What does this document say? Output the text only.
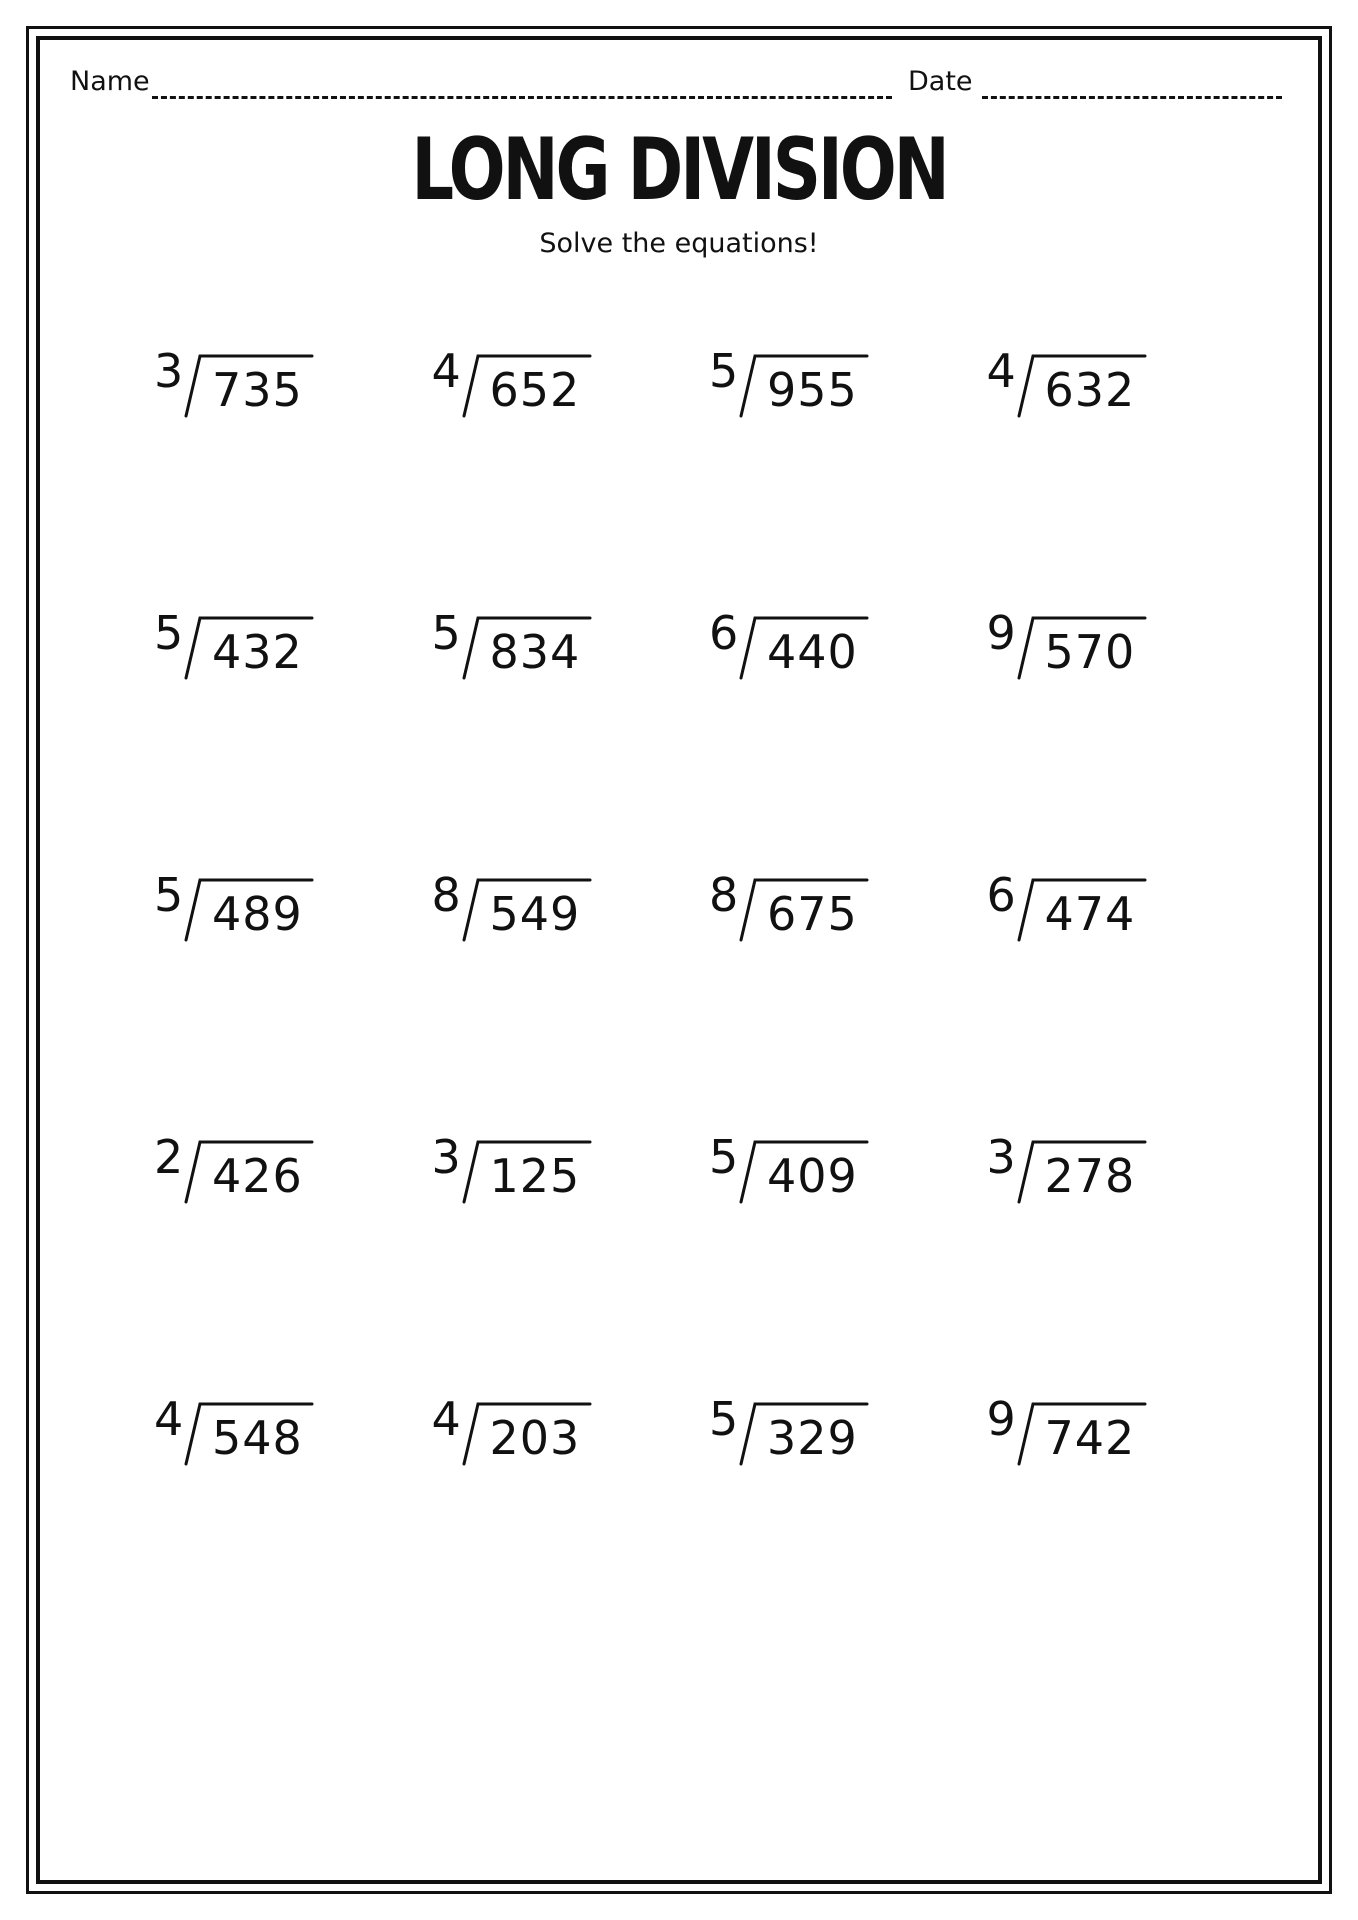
Name	Date
LONG DIVISION
Solve the equations!
3 735	4 652	5 955	4 632
5 432	5 834	6 440	9 570
5 489	8 549	8 675	6 474
2 426	3 125	5 409	3 278
4 548	4 203	5 329	9 742
